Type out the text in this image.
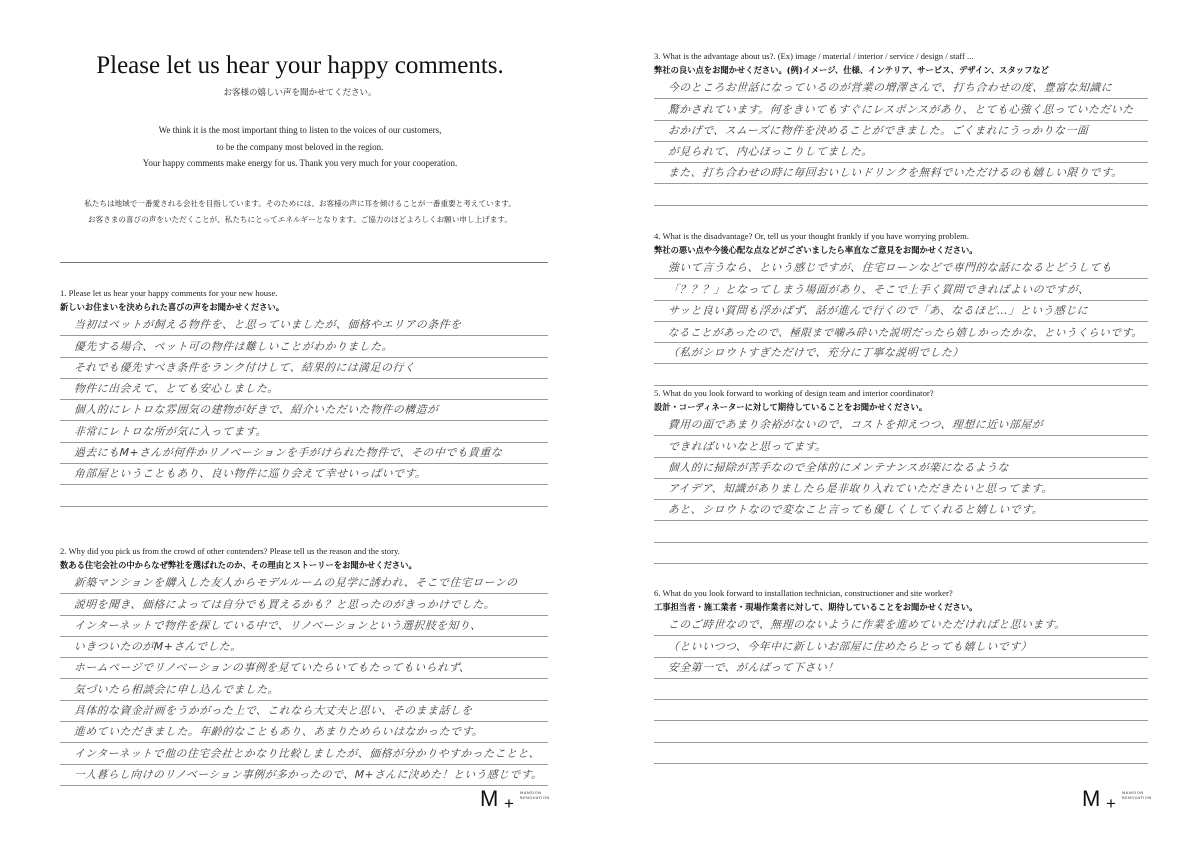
Please let us hear your happy comments.
お客様の嬉しい声を聞かせてください。
We think it is the most important thing to listen to the voices of our customers,
to be the company most beloved in the region.
Your happy comments make energy for us. Thank you very much for your cooperation.
私たちは地域で一番愛される会社を目指しています。そのためには、お客様の声に耳を傾けることが一番重要と考えています。
お客さまの喜びの声をいただくことが、私たちにとってエネルギーとなります。ご協力のほどよろしくお願い申し上げます。
1. Please let us hear your happy comments for your new house.
新しいお住まいを決められた喜びの声をお聞かせください。
当初はペットが飼える物件を、と思っていましたが、価格やエリアの条件を
優先する場合、ペット可の物件は難しいことがわかりました。
それでも優先すべき条件をランク付けして、結果的には満足の行く
物件に出会えて、とても安心しました。
個人的にレトロな雰囲気の建物が好きで、紹介いただいた物件の構造が
非常にレトロな所が気に入ってます。
過去にもM+さんが何件かリノベーションを手がけられた物件で、その中でも貴重な
角部屋ということもあり、良い物件に巡り会えて幸せいっぱいです。
2. Why did you pick us from the crowd of other contenders? Please tell us the reason and the story.
数ある住宅会社の中からなぜ弊社を選ばれたのか、その理由とストーリーをお聞かせください。
新築マンションを購入した友人からモデルルームの見学に誘われ、そこで住宅ローンの
説明を聞き、価格によっては自分でも買えるかも？と思ったのがきっかけでした。
インターネットで物件を探している中で、リノベーションという選択肢を知り、
いきついたのがM+さんでした。
ホームページでリノベーションの事例を見ていたらいてもたってもいられず、
気づいたら相談会に申し込んでました。
具体的な資金計画をうかがった上で、これなら大丈夫と思い、そのまま話しを
進めていただきました。年齢的なこともあり、あまりためらいはなかったです。
インターネットで他の住宅会社とかなり比較しましたが、価格が分かりやすかったことと、
一人暮らし向けのリノベーション事例が多かったので、M+さんに決めた！という感じです。
M +
MANSION
RENOVATION
3. What is the advantage about us?. (Ex) image / material / interior / service / design / staff ...
弊社の良い点をお聞かせください。(例)イメージ、仕様、インテリア、サービス、デザイン、スタッフなど
今のところお世話になっているのが営業の増澤さんで、打ち合わせの度、豊富な知識に
驚かされています。何をきいてもすぐにレスポンスがあり、とても心強く思っていただいた
おかげで、スムーズに物件を決めることができました。ごくまれにうっかりな一面
が見られて、内心ほっこりしてました。
また、打ち合わせの時に毎回おいしいドリンクを無料でいただけるのも嬉しい限りです。
4. What is the disadvantage? Or, tell us your thought frankly if you have worrying problem.
弊社の悪い点や今後心配な点などがございましたら率直なご意見をお聞かせください。
強いて言うなら、という感じですが、住宅ローンなどで専門的な話になるとどうしても
「？？？」となってしまう場面があり、そこで上手く質問できればよいのですが、
サッと良い質問も浮かばず、話が進んで行くので「あ、なるほど…」という感じに
なることがあったので、極限まで噛み砕いた説明だったら嬉しかったかな、というくらいです。
（私がシロウトすぎただけで、充分に丁寧な説明でした）
5. What do you look forward to working of design team and interior coordinator?
設計・コーディネーターに対して期待していることをお聞かせください。
費用の面であまり余裕がないので、コストを抑えつつ、理想に近い部屋が
できればいいなと思ってます。
個人的に掃除が苦手なので全体的にメンテナンスが楽になるような
アイデア、知識がありましたら是非取り入れていただきたいと思ってます。
あと、シロウトなので変なこと言っても優しくしてくれると嬉しいです。
6. What do you look forward to installation technician, constructioner and site worker?
工事担当者・施工業者・現場作業者に対して、期待していることをお聞かせください。
このご時世なので、無理のないように作業を進めていただければと思います。
（といいつつ、今年中に新しいお部屋に住めたらとっても嬉しいです）
安全第一で、がんばって下さい！
M +
MANSION
RENOVATION
